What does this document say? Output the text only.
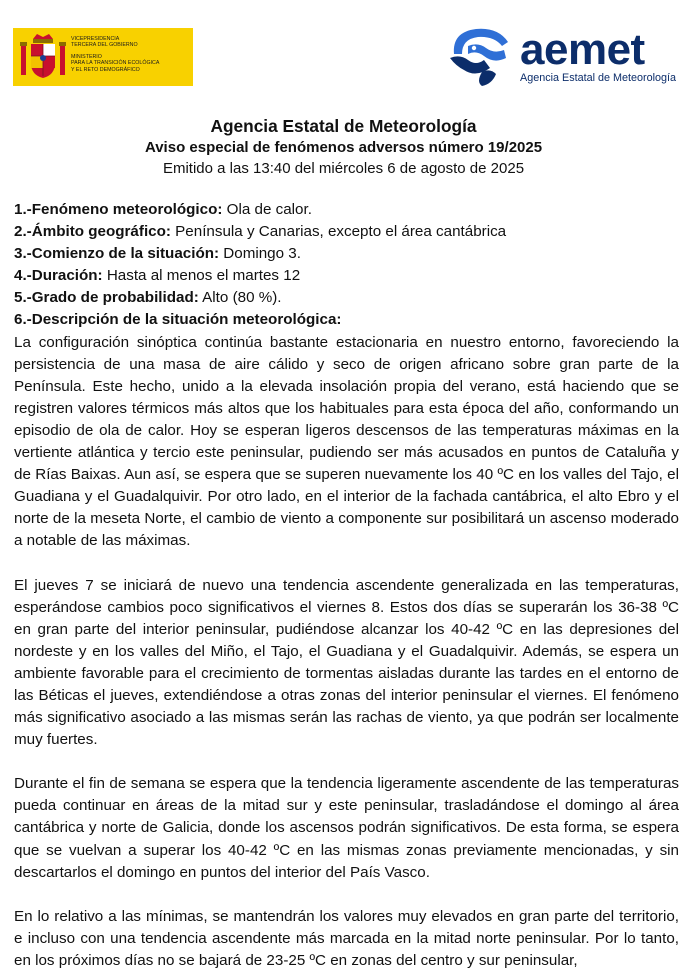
VICEPRESIDENCIA
TERCERA DEL GOBIERNO
MINISTERIO
PARA LA TRANSICIÓN ECOLÓGICA
Y EL RETO DEMOGRÁFICO	aemet
Agencia Estatal de Meteorología
Agencia Estatal de Meteorología
Aviso especial de fenómenos adversos número 19/2025
Emitido a las 13:40 del miércoles 6 de agosto de 2025
1.-Fenómeno meteorológico: Ola de calor.
2.-Ámbito geográfico: Península y Canarias, excepto el área cantábrica
3.-Comienzo de la situación: Domingo 3.
4.-Duración: Hasta al menos el martes 12
5.-Grado de probabilidad: Alto (80 %).
6.-Descripción de la situación meteorológica:
La configuración sinóptica continúa bastante estacionaria en nuestro entorno, favoreciendo la persistencia de una masa de aire cálido y seco de origen africano sobre gran parte de la Península. Este hecho, unido a la elevada insolación propia del verano, está haciendo que se registren valores térmicos más altos que los habituales para esta época del año, conformando un episodio de ola de calor. Hoy se esperan ligeros descensos de las temperaturas máximas en la vertiente atlántica y tercio este peninsular, pudiendo ser más acusados en puntos de Cataluña y de Rías Baixas. Aun así, se espera que se superen nuevamente los 40 ºC en los valles del Tajo, el Guadiana y el Guadalquivir. Por otro lado, en el interior de la fachada cantábrica, el alto Ebro y el norte de la meseta Norte, el cambio de viento a componente sur posibilitará un ascenso moderado a notable de las máximas.
El jueves 7 se iniciará de nuevo una tendencia ascendente generalizada en las temperaturas, esperándose cambios poco significativos el viernes 8. Estos dos días se superarán los 36-38 ºC en gran parte del interior peninsular, pudiéndose alcanzar los 40-42 ºC en las depresiones del nordeste y en los valles del Miño, el Tajo, el Guadiana y el Guadalquivir. Además, se espera un ambiente favorable para el crecimiento de tormentas aisladas durante las tardes en el entorno de las Béticas el jueves, extendiéndose a otras zonas del interior peninsular el viernes. El fenómeno más significativo asociado a las mismas serán las rachas de viento, ya que podrán ser localmente muy fuertes.
Durante el fin de semana se espera que la tendencia ligeramente ascendente de las temperaturas pueda continuar en áreas de la mitad sur y este peninsular, trasladándose el domingo al área cantábrica y norte de Galicia, donde los ascensos podrán significativos. De esta forma, se espera que se vuelvan a superar los 40-42 ºC en las mismas zonas previamente mencionadas, y sin descartarlos el domingo en puntos del interior del País Vasco.
En lo relativo a las mínimas, se mantendrán los valores muy elevados en gran parte del territorio, e incluso con una tendencia ascendente más marcada en la mitad norte peninsular. Por lo tanto, en los próximos días no se bajará de 23-25 ºC en zonas del centro y sur peninsular,
